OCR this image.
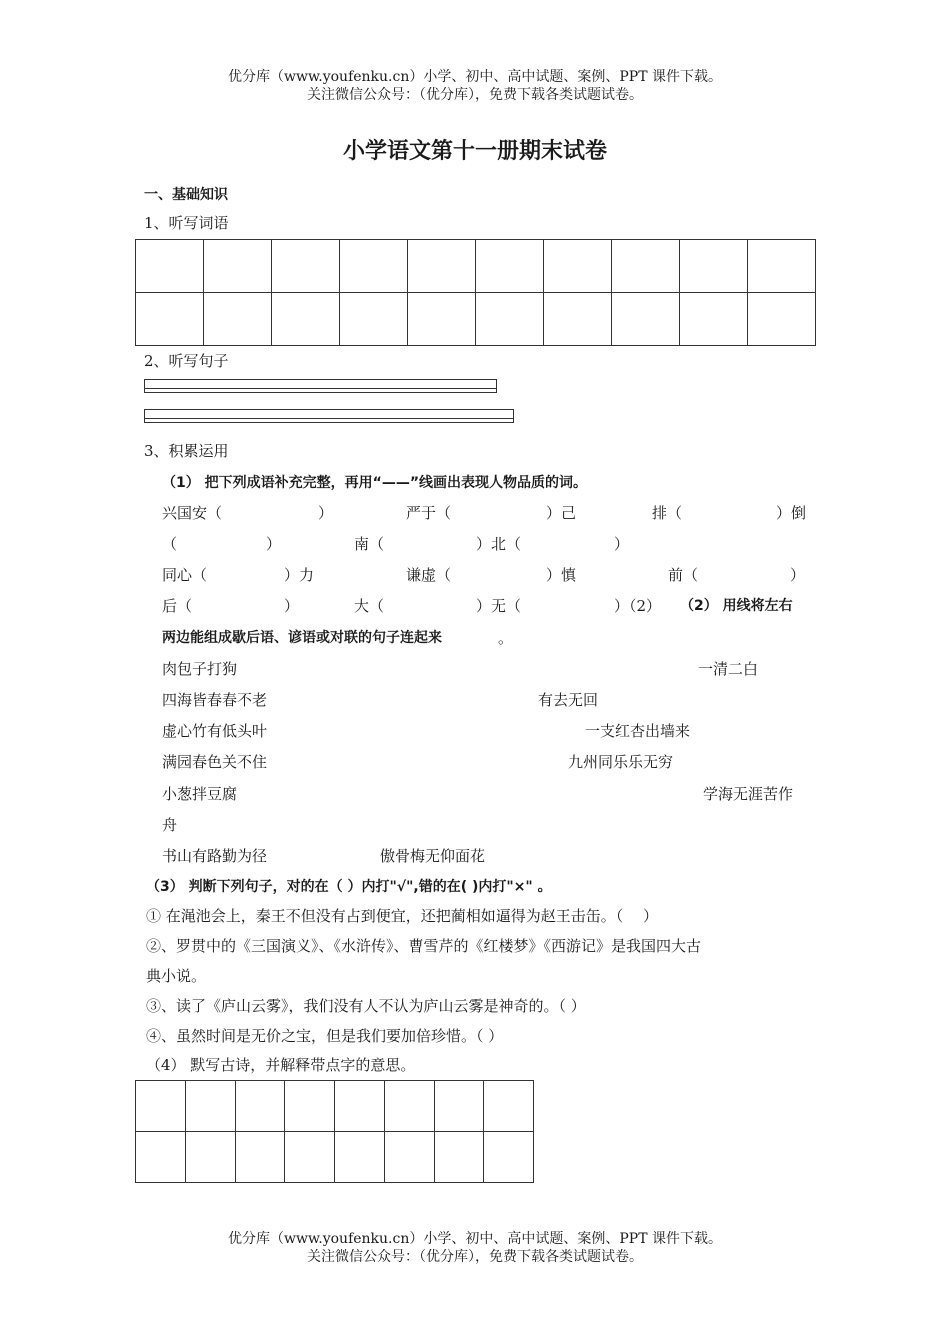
优分库（www.youfenku.cn）小学、初中、高中试题、案例、PPT 课件下载。
关注微信公众号：（优分库），免费下载各类试题试卷。
小学语文第十一册期末试卷
一、基础知识
1、听写词语

2、听写句子
3、积累运用
（1） 把下列成语补充完整，再用“——”线画出表现人物品质的词。
兴国安（	）	严于（	）己	排（	）倒
（	）	南（	）北（	）
同心（	）力	谦虚（	）慎	前（	）
后（	）	大（	）无（	）（2） （2） 用线将左右
两边能组成歇后语、谚语或对联的句子连起来	。
肉包子打狗	一清二白
四海皆春春不老	有去无回
虚心竹有低头叶	一支红杏出墙来
满园春色关不住	九州同乐乐无穷
小葱拌豆腐	学海无涯苦作
舟
书山有路勤为径	傲骨梅无仰面花
（3） 判断下列句子，对的在（ ）内打"√",错的在( )内打"×" 。
① 在渑池会上，秦王不但没有占到便宜，还把蔺相如逼得为赵王击缶。（　 ）
②、罗贯中的《三国演义》、《水浒传》、曹雪芹的《红楼梦》《西游记》是我国四大古
典小说。
③、读了《庐山云雾》，我们没有人不认为庐山云雾是神奇的。（ ）
④、虽然时间是无价之宝，但是我们要加倍珍惜。（ ）
（4） 默写古诗，并解释带点字的意思。

优分库（www.youfenku.cn）小学、初中、高中试题、案例、PPT 课件下载。
关注微信公众号：（优分库），免费下载各类试题试卷。
